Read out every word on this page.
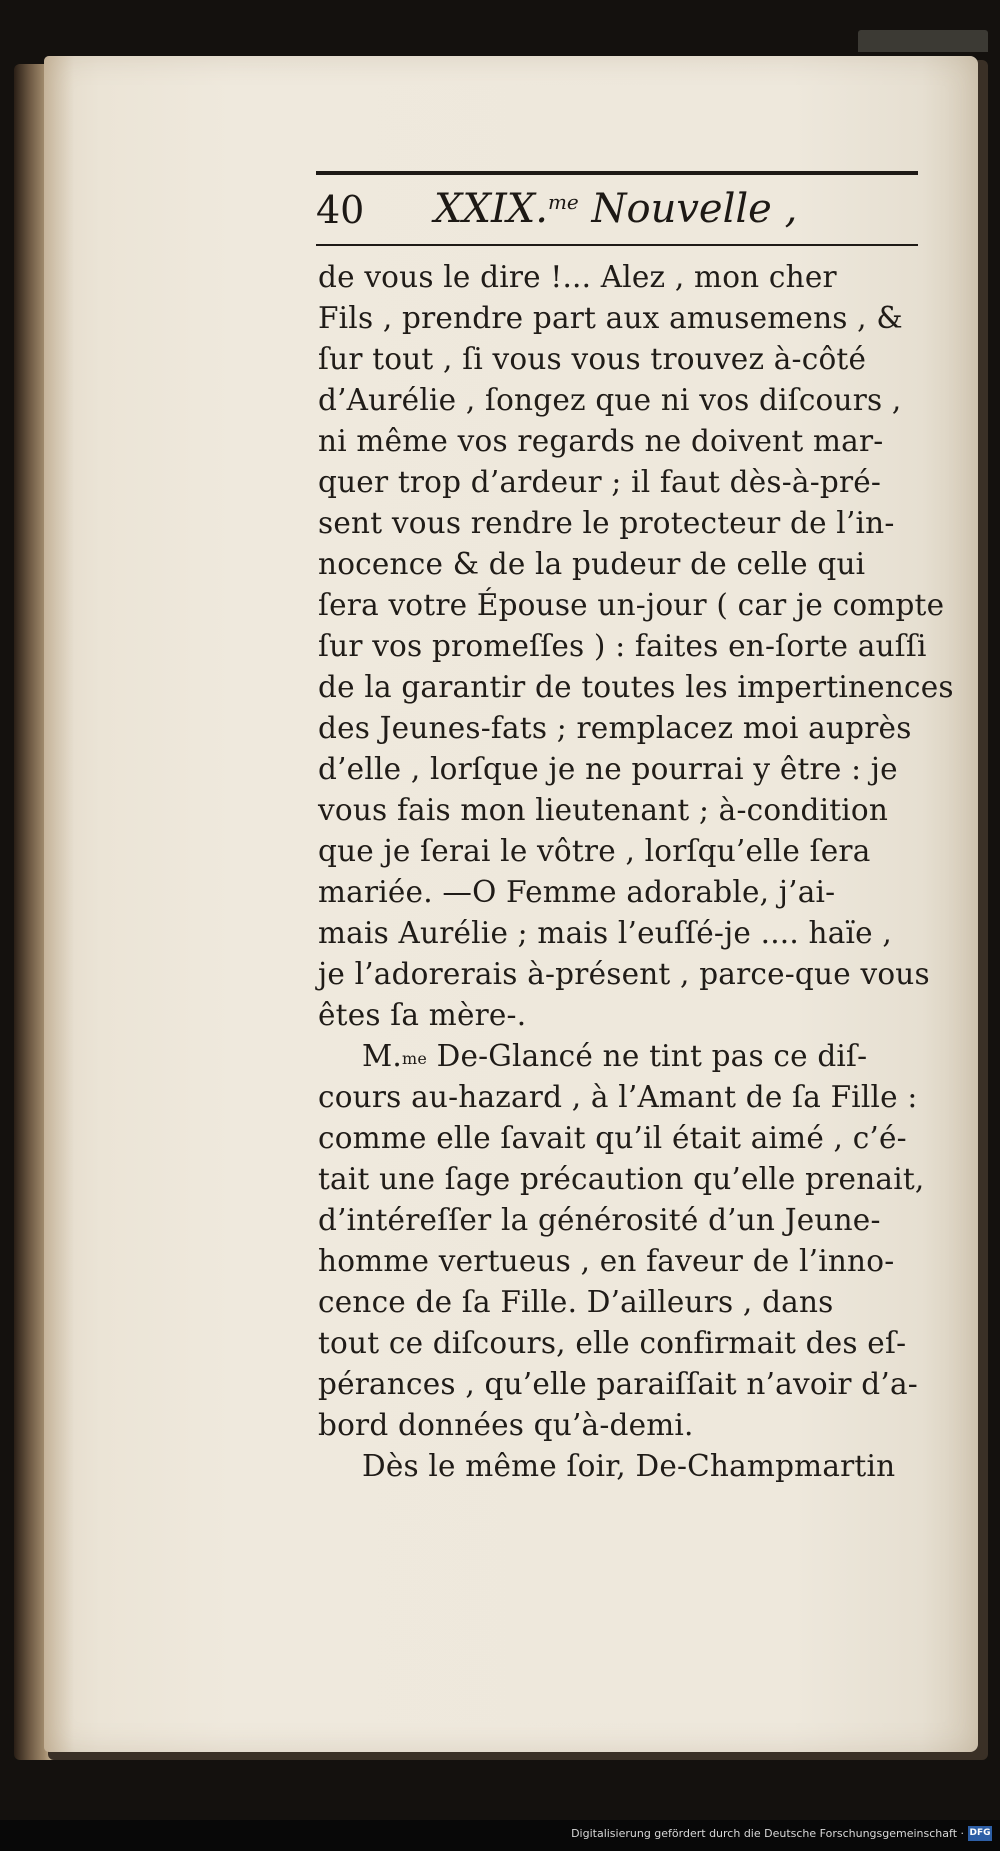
40 XXIX.$^{me}$ Nouvelle ,
de vous le dire !... Alez , mon cher
Fils , prendre part aux amusemens , &
ſur tout , ſi vous vous trouvez à-côté
d’Aurélie , ſongez que ni vos diſcours ,
ni même vos regards ne doivent mar-
quer trop d’ardeur ; il faut dès-à-pré-
sent vous rendre le protecteur de l’in-
nocence & de la pudeur de celle qui
ſera votre Épouse un-jour ( car je compte
ſur vos promeſſes ) : faites en-ſorte auſſi
de la garantir de toutes les impertinences
des Jeunes-fats ; remplacez moi auprès
d’elle , lorſque je ne pourrai y être : je
vous fais mon lieutenant ; à-condition
que je ſerai le vôtre , lorſqu’elle ſera
mariée. —O Femme adorable, j’ai-
mais Aurélie ; mais l’euſſé-je .... haïe ,
je l’adorerais à-présent , parce-que vous
êtes ſa mère-.
M.$^{me}$ De-Glancé ne tint pas ce diſ-
cours au-hazard , à l’Amant de ſa Fille :
comme elle ſavait qu’il était aimé , c’é-
tait une ſage précaution qu’elle prenait,
d’intéreſſer la générosité d’un Jeune-
homme vertueus , en faveur de l’inno-
cence de ſa Fille. D’ailleurs , dans
tout ce diſcours, elle confirmait des eſ-
pérances , qu’elle paraiſſait n’avoir d’a-
bord données qu’à-demi.
Dès le même ſoir, De-Champmartin
Digitalisierung gefördert durch die Deutsche Forschungsgemeinschaft · DFG
